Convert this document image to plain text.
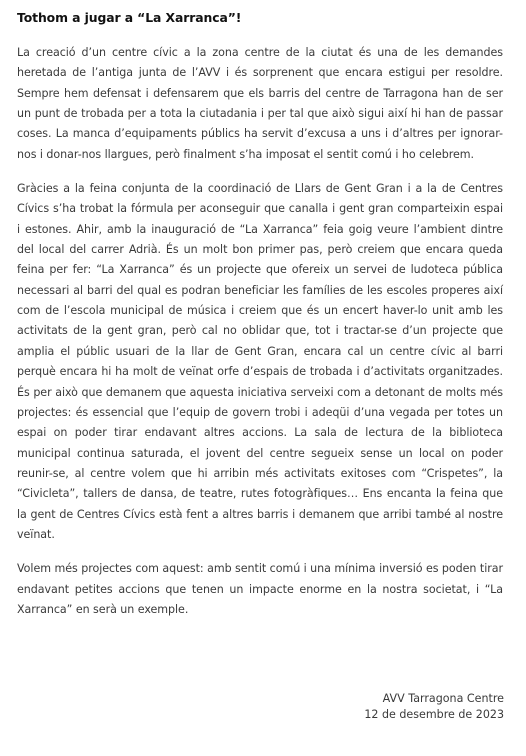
Tothom a jugar a “La Xarranca”!

La creació d’un centre cívic a la zona centre de la ciutat és una de les demandes heretada de l’antiga junta de l’AVV i és sorprenent que encara estigui per resoldre. Sempre hem defensat i defensarem que els barris del centre de Tarragona han de ser un punt de trobada per a tota la ciutadania i per tal que això sigui així hi han de passar coses. La manca d’equipaments públics ha servit d’excusa a uns i d’altres per ignorar-nos i donar-nos llargues, però finalment s’ha imposat el sentit comú i ho celebrem.

Gràcies a la feina conjunta de la coordinació de Llars de Gent Gran i a la de Centres Cívics s’ha trobat la fórmula per aconseguir que canalla i gent gran comparteixin espai i estones. Ahir, amb la inauguració de “La Xarranca” feia goig veure l’ambient dintre del local del carrer Adrià. És un molt bon primer pas, però creiem que encara queda feina per fer: “La Xarranca” és un projecte que ofereix un servei de ludoteca pública necessari al barri del qual es podran beneficiar les famílies de les escoles properes així com de l’escola municipal de música i creiem que és un encert haver-lo unit amb les activitats de la gent gran, però cal no oblidar que, tot i tractar-se d’un projecte que amplia el públic usuari de la llar de Gent Gran, encara cal un centre cívic al barri perquè encara hi ha molt de veïnat orfe d’espais de trobada i d’activitats organitzades. És per això que demanem que aquesta iniciativa serveixi com a detonant de molts més projectes: és essencial que l’equip de govern trobi i adeqüi d’una vegada per totes un espai on poder tirar endavant altres accions. La sala de lectura de la biblioteca municipal continua saturada, el jovent del centre segueix sense un local on poder reunir-se, al centre volem que hi arribin més activitats exitoses com “Crispetes”, la “Civicleta”, tallers de dansa, de teatre, rutes fotogràfiques… Ens encanta la feina que la gent de Centres Cívics està fent a altres barris i demanem que arribi també al nostre veïnat.

Volem més projectes com aquest: amb sentit comú i una mínima inversió es poden tirar endavant petites accions que tenen un impacte enorme en la nostra societat, i “La Xarranca” en serà un exemple.

AVV Tarragona Centre
12 de desembre de 2023
